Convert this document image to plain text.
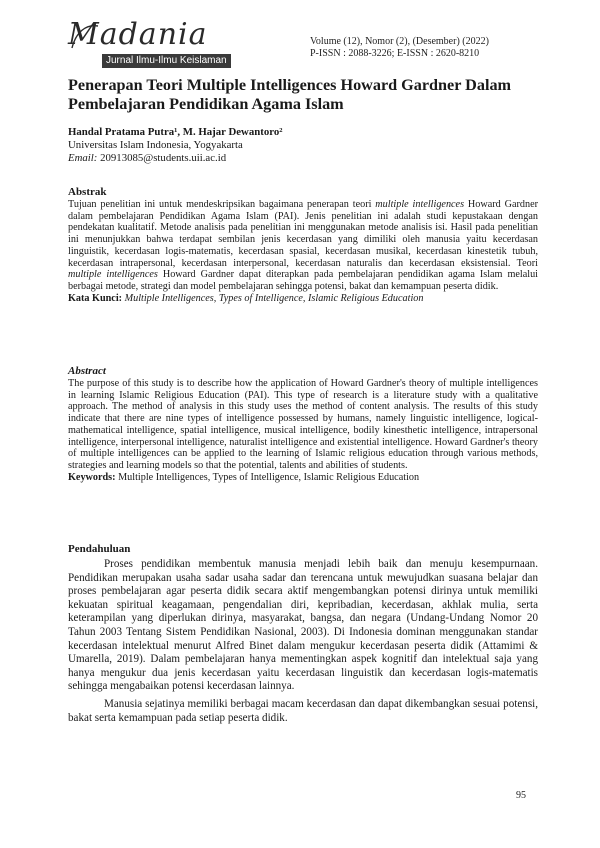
Madania
Jurnal Ilmu-Ilmu Keislaman
Volume (12), Nomor (2), (Desember) (2022)
P-ISSN : 2088-3226; E-ISSN : 2620-8210
Penerapan Teori Multiple Intelligences Howard Gardner Dalam Pembelajaran Pendidikan Agama Islam
Handal Pratama Putra¹, M. Hajar Dewantoro²
Universitas Islam Indonesia, Yogyakarta
Email: 20913085@students.uii.ac.id
Abstrak

Tujuan penelitian ini untuk mendeskripsikan bagaimana penerapan teori multiple intelligences Howard Gardner dalam pembelajaran Pendidikan Agama Islam (PAI). Jenis penelitian ini adalah studi kepustakaan dengan pendekatan kualitatif. Metode analisis pada penelitian ini menggunakan metode analisis isi. Hasil pada penelitian ini menunjukkan bahwa terdapat sembilan jenis kecerdasan yang dimiliki oleh manusia yaitu kecerdasan linguistik, kecerdasan logis-matematis, kecerdasan spasial, kecerdasan musikal, kecerdasan kinestetik tubuh, kecerdasan intrapersonal, kecerdasan interpersonal, kecerdasan naturalis dan kecerdasan eksistensial. Teori multiple intelligences Howard Gardner dapat diterapkan pada pembelajaran pendidikan agama Islam melalui berbagai metode, strategi dan model pembelajaran sehingga potensi, bakat dan kemampuan peserta didik.

Kata Kunci: Multiple Intelligences, Types of Intelligence, Islamic Religious Education
Abstract

The purpose of this study is to describe how the application of Howard Gardner's theory of multiple intelligences in learning Islamic Religious Education (PAI). This type of research is a literature study with a qualitative approach. The method of analysis in this study uses the method of content analysis. The results of this study indicate that there are nine types of intelligence possessed by humans, namely linguistic intelligence, logical-mathematical intelligence, spatial intelligence, musical intelligence, bodily kinesthetic intelligence, intrapersonal intelligence, interpersonal intelligence, naturalist intelligence and existential intelligence. Howard Gardner's theory of multiple intelligences can be applied to the learning of Islamic religious education through various methods, strategies and learning models so that the potential, talents and abilities of students.

Keywords: Multiple Intelligences, Types of Intelligence, Islamic Religious Education
Pendahuluan

Proses pendidikan membentuk manusia menjadi lebih baik dan menuju kesempurnaan. Pendidikan merupakan usaha sadar usaha sadar dan terencana untuk mewujudkan suasana belajar dan proses pembelajaran agar peserta didik secara aktif mengembangkan potensi dirinya untuk memiliki kekuatan spiritual keagamaan, pengendalian diri, kepribadian, kecerdasan, akhlak mulia, serta keterampilan yang diperlukan dirinya, masyarakat, bangsa, dan negara (Undang-Undang Nomor 20 Tahun 2003 Tentang Sistem Pendidikan Nasional, 2003). Di Indonesia dominan menggunakan standar kecerdasan intelektual menurut Alfred Binet dalam mengukur kecerdasan peserta didik (Attamimi & Umarella, 2019). Dalam pembelajaran hanya mementingkan aspek kognitif dan intelektual saja yang hanya mengukur dua jenis kecerdasan yaitu kecerdasan linguistik dan kecerdasan logis-matematis sehingga mengabaikan potensi kecerdasan lainnya.

Manusia sejatinya memiliki berbagai macam kecerdasan dan dapat dikembangkan sesuai potensi, bakat serta kemampuan pada setiap peserta didik.

95
